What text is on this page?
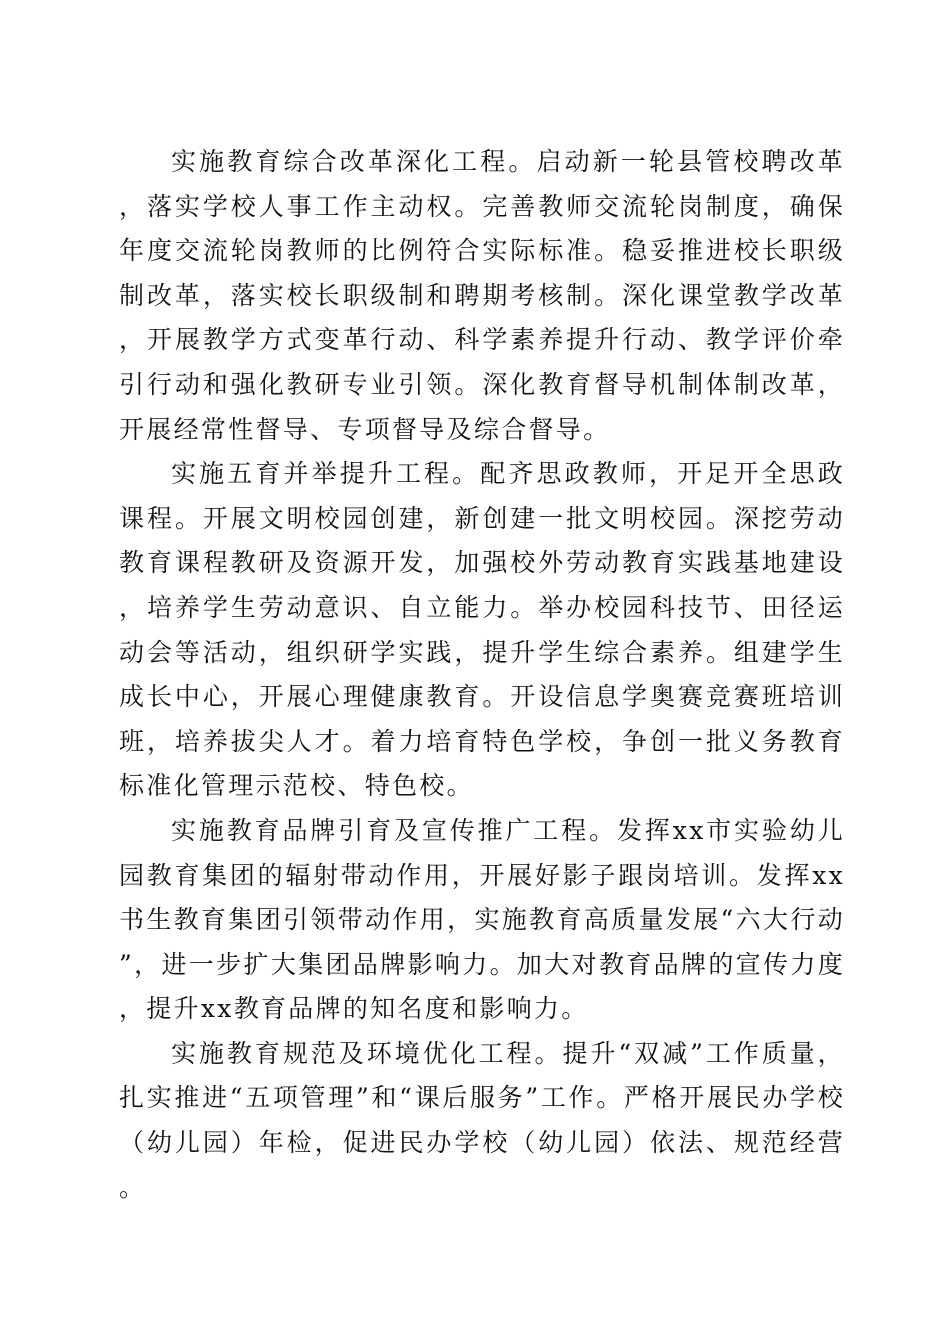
实施教育综合改革深化工程。启动新一轮县管校聘改革，落实学校人事工作主动权。完善教师交流轮岗制度，确保年度交流轮岗教师的比例符合实际标准。稳妥推进校长职级制改革，落实校长职级制和聘期考核制。深化课堂教学改革，开展教学方式变革行动、科学素养提升行动、教学评价牵引行动和强化教研专业引领。深化教育督导机制体制改革，开展经常性督导、专项督导及综合督导。

实施五育并举提升工程。配齐思政教师，开足开全思政课程。开展文明校园创建，新创建一批文明校园。深挖劳动教育课程教研及资源开发，加强校外劳动教育实践基地建设，培养学生劳动意识、自立能力。举办校园科技节、田径运动会等活动，组织研学实践，提升学生综合素养。组建学生成长中心，开展心理健康教育。开设信息学奥赛竞赛班培训班，培养拔尖人才。着力培育特色学校，争创一批义务教育标准化管理示范校、特色校。

实施教育品牌引育及宣传推广工程。发挥xx市实验幼儿园教育集团的辐射带动作用，开展好影子跟岗培训。发挥xx书生教育集团引领带动作用，实施教育高质量发展“六大行动”，进一步扩大集团品牌影响力。加大对教育品牌的宣传力度，提升xx教育品牌的知名度和影响力。

实施教育规范及环境优化工程。提升“双减”工作质量，扎实推进“五项管理”和“课后服务”工作。严格开展民办学校（幼儿园）年检，促进民办学校（幼儿园）依法、规范经营。
